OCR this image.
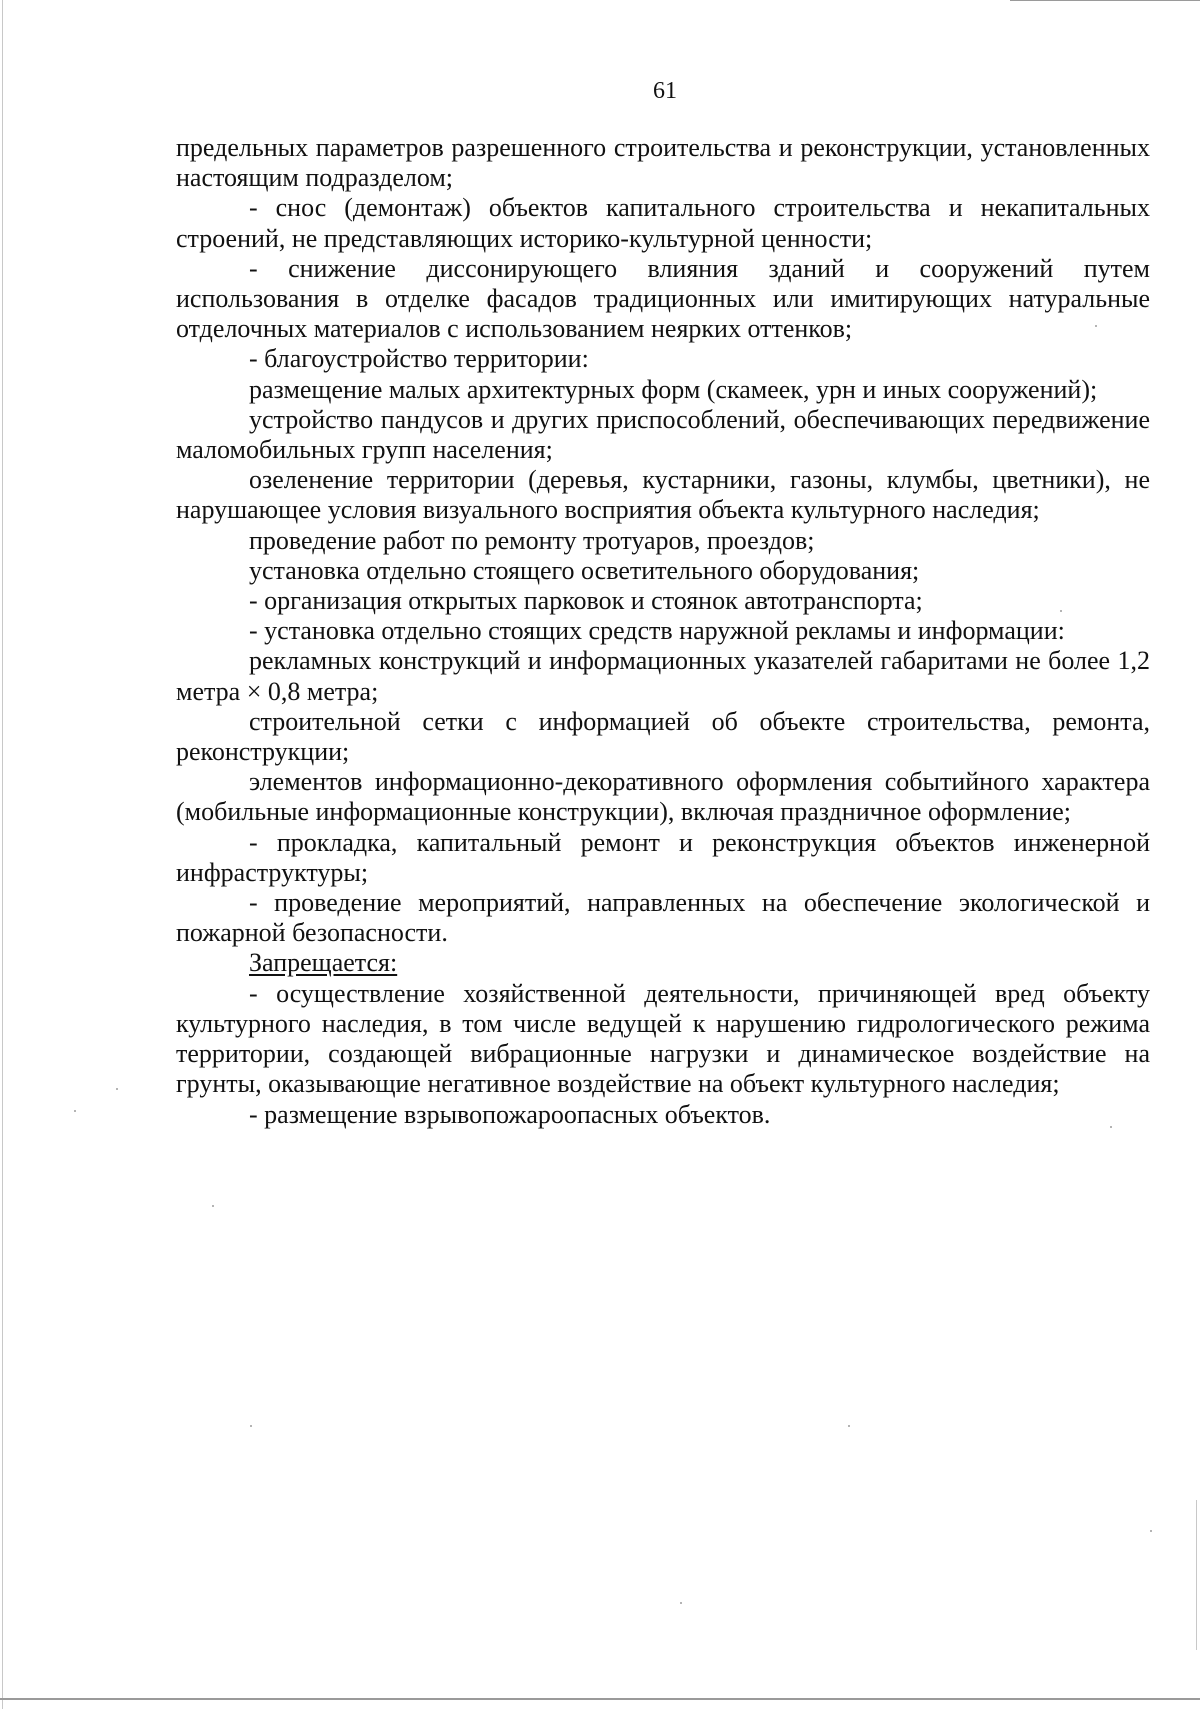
61

предельных параметров разрешенного строительства и реконструкции, установленных настоящим подразделом;

- снос (демонтаж) объектов капитального строительства и некапитальных строений, не представляющих историко-культурной ценности;

- снижение диссонирующего влияния зданий и сооружений путем использования в отделке фасадов традиционных или имитирующих натуральные отделочных материалов с использованием неярких оттенков;

- благоустройство территории:

размещение малых архитектурных форм (скамеек, урн и иных сооружений);

устройство пандусов и других приспособлений, обеспечивающих передвижение маломобильных групп населения;

озеленение территории (деревья, кустарники, газоны, клумбы, цветники), не нарушающее условия визуального восприятия объекта культурного наследия;

проведение работ по ремонту тротуаров, проездов;

установка отдельно стоящего осветительного оборудования;

- организация открытых парковок и стоянок автотранспорта;

- установка отдельно стоящих средств наружной рекламы и информации:

рекламных конструкций и информационных указателей габаритами не более 1,2 метра × 0,8 метра;

строительной сетки с информацией об объекте строительства, ремонта, реконструкции;

элементов информационно-декоративного оформления событийного характера (мобильные информационные конструкции), включая праздничное оформление;

- прокладка, капитальный ремонт и реконструкция объектов инженерной инфраструктуры;

- проведение мероприятий, направленных на обеспечение экологической и пожарной безопасности.

Запрещается:

- осуществление хозяйственной деятельности, причиняющей вред объекту культурного наследия, в том числе ведущей к нарушению гидрологического режима территории, создающей вибрационные нагрузки и динамическое воздействие на грунты, оказывающие негативное воздействие на объект культурного наследия;

- размещение взрывопожароопасных объектов.
